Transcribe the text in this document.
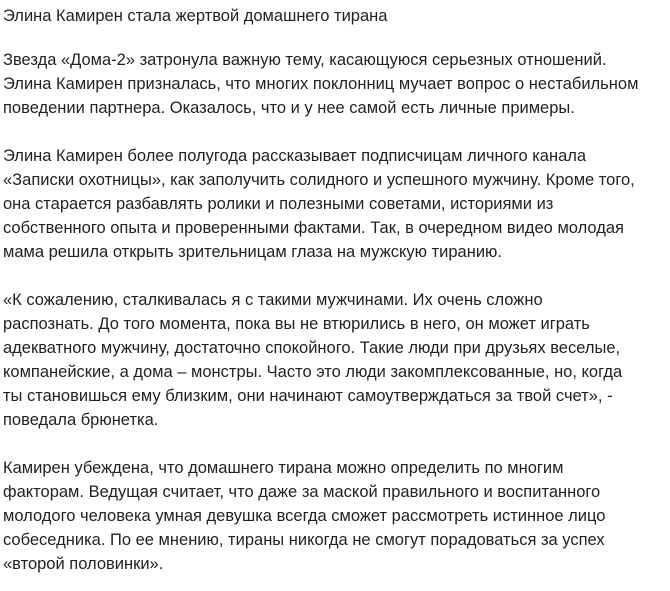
Элина Камирен стала жертвой домашнего тирана

Звезда «Дома-2» затронула важную тему, касающуюся серьезных отношений.
Элина Камирен призналась, что многих поклонниц мучает вопрос о нестабильном
поведении партнера. Оказалось, что и у нее самой есть личные примеры.

Элина Камирен более полугода рассказывает подписчицам личного канала
«Записки охотницы», как заполучить солидного и успешного мужчину. Кроме того,
она старается разбавлять ролики и полезными советами, историями из
собственного опыта и проверенными фактами. Так, в очередном видео молодая
мама решила открыть зрительницам глаза на мужскую тиранию.

«К сожалению, сталкивалась я с такими мужчинами. Их очень сложно
распознать. До того момента, пока вы не втюрились в него, он может играть
адекватного мужчину, достаточно спокойного. Такие люди при друзьях веселые,
компанейские, а дома – монстры. Часто это люди закомплексованные, но, когда
ты становишься ему близким, они начинают самоутверждаться за твой счет», -
поведала брюнетка.

Камирен убеждена, что домашнего тирана можно определить по многим
факторам. Ведущая считает, что даже за маской правильного и воспитанного
молодого человека умная девушка всегда сможет рассмотреть истинное лицо
собеседника. По ее мнению, тираны никогда не смогут порадоваться за успех
«второй половинки».
